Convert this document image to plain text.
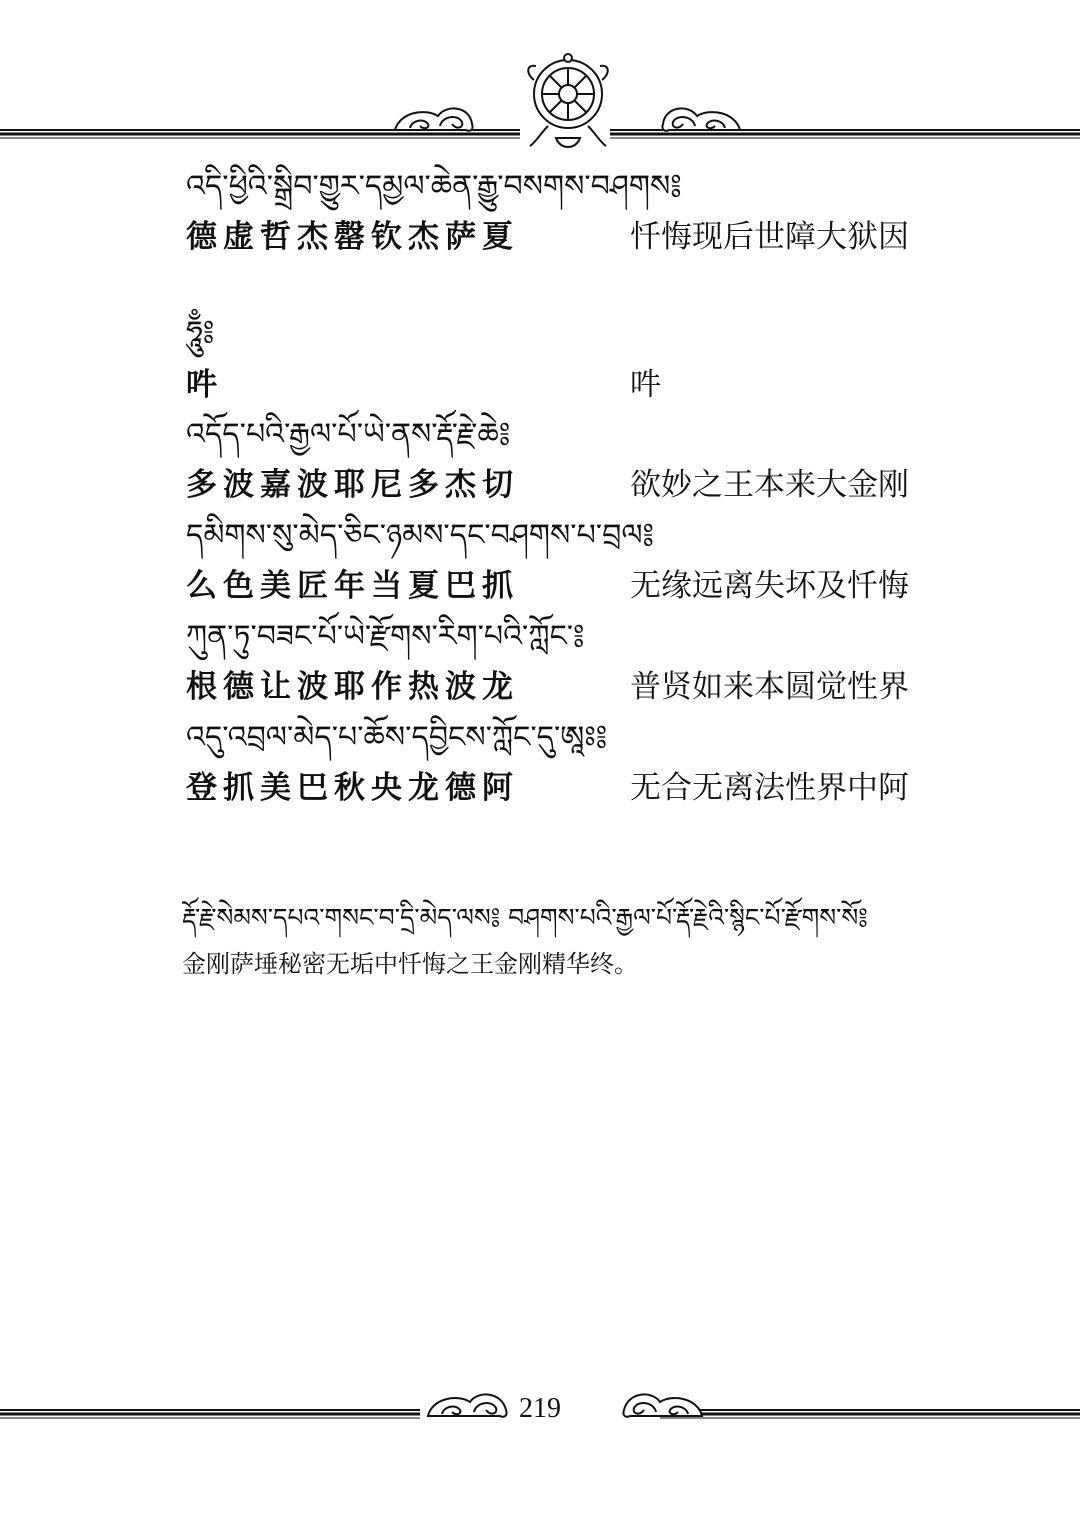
འདི་ཕྱིའི་སྒྲིབ་གྱུར་དམྱལ་ཆེན་རྒྱུ་བསགས་བཤགས༔
德虚哲杰罄钦杰萨夏	忏悔现后世障大狱因
ཧཱུྃ༔
吽	吽
འདོད་པའི་རྒྱལ་པོ་ཡེ་ནས་རྡོ་རྗེ་ཆེ༔
多波嘉波耶尼多杰切	欲妙之王本来大金刚
དམིགས་སུ་མེད་ཅིང་ཉམས་དང་བཤགས་པ་བྲལ༔
么色美匠年当夏巴抓	无缘远离失坏及忏悔
ཀུན་ཏུ་བཟང་པོ་ཡེ་རྫོགས་རིག་པའི་ཀློང་༔
根德让波耶作热波龙	普贤如来本圆觉性界
འདུ་འབྲལ་མེད་པ་ཆོས་དབྱིངས་ཀློང་དུ་ཨཱཿ༔
登抓美巴秋央龙德阿	无合无离法性界中阿
རྡོ་རྗེ་སེམས་དཔའ་གསང་བ་དྲི་མེད་ལས༔ བཤགས་པའི་རྒྱལ་པོ་རྡོ་རྗེའི་སྙིང་པོ་རྫོགས་སོ༔
金刚萨埵秘密无垢中忏悔之王金刚精华终。
219
